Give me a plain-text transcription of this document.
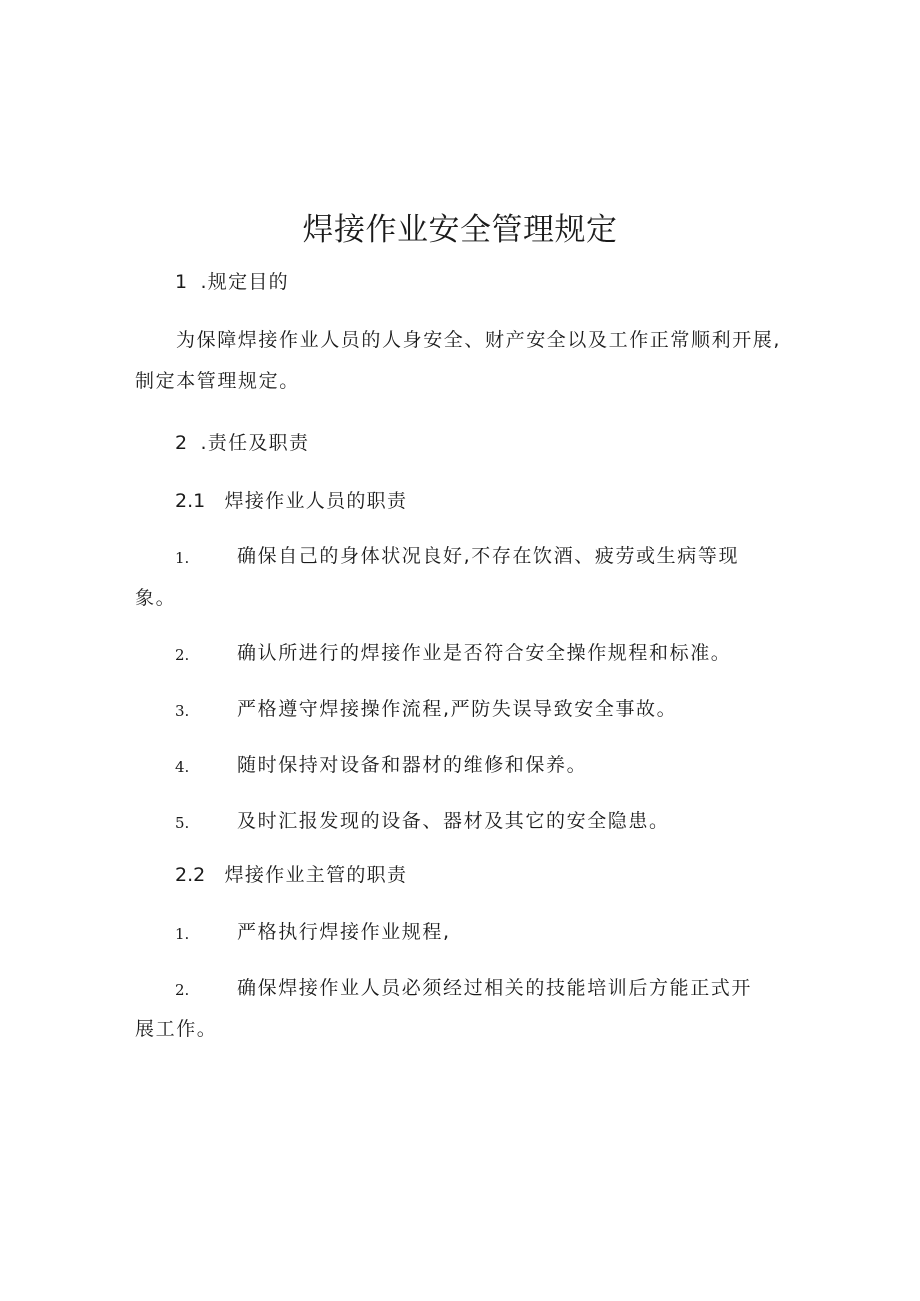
焊接作业安全管理规定
1 .规定目的
为保障焊接作业人员的人身安全、财产安全以及工作正常顺利开展,
制定本管理规定。
2 .责任及职责
2.1 焊接作业人员的职责
1.	确保自己的身体状况良好,不存在饮酒、疲劳或生病等现
象。
2.	确认所进行的焊接作业是否符合安全操作规程和标准。
3.	严格遵守焊接操作流程,严防失误导致安全事故。
4.	随时保持对设备和器材的维修和保养。
5.	及时汇报发现的设备、器材及其它的安全隐患。
2.2 焊接作业主管的职责
1.	严格执行焊接作业规程,
2.	确保焊接作业人员必须经过相关的技能培训后方能正式开
展工作。
